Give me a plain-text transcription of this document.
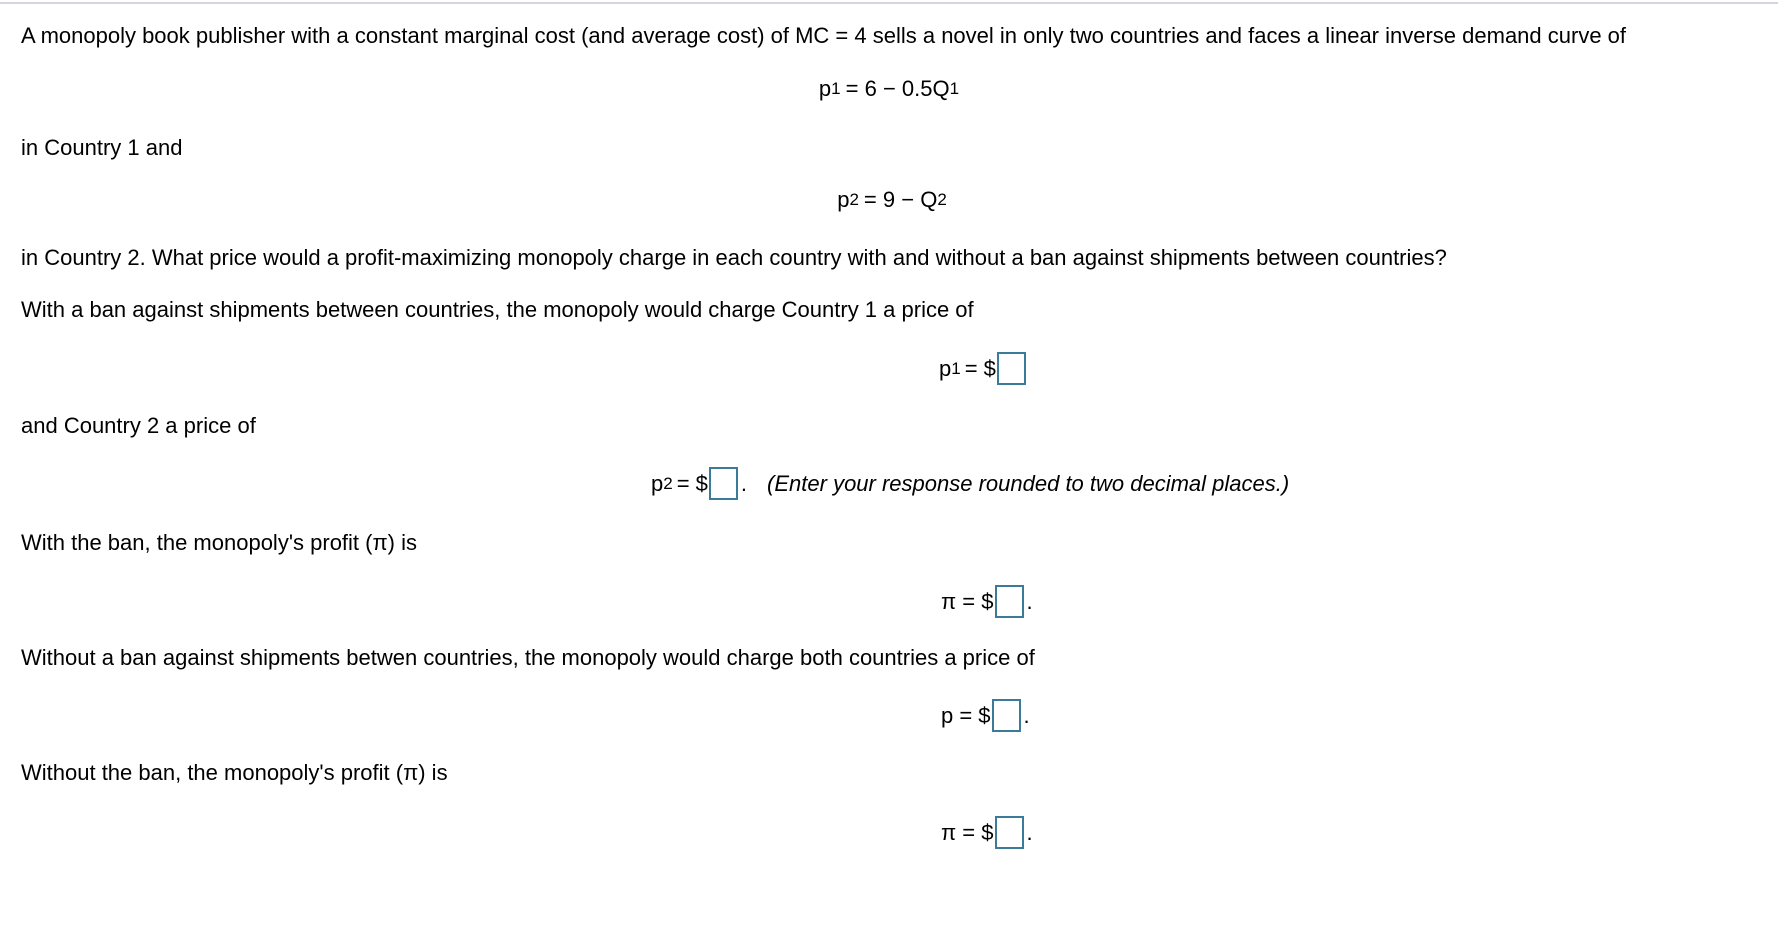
A monopoly book publisher with a constant marginal cost (and average cost) of MC = 4 sells a novel in only two countries and faces a linear inverse demand curve of
p 1 = 6 − 0.5Q 1
in Country 1 and
p 2 = 9 − Q 2
in Country 2. What price would a profit-maximizing monopoly charge in each country with and without a ban against shipments between countries?
With a ban against shipments between countries, the monopoly would charge Country 1 a price of
p 1 = $
and Country 2 a price of
p 2 = $ . (Enter your response rounded to two decimal places.)
With the ban, the monopoly's profit (π) is
π = $ .
Without a ban against shipments betwen countries, the monopoly would charge both countries a price of
p = $ .
Without the ban, the monopoly's profit (π) is
π = $ .
